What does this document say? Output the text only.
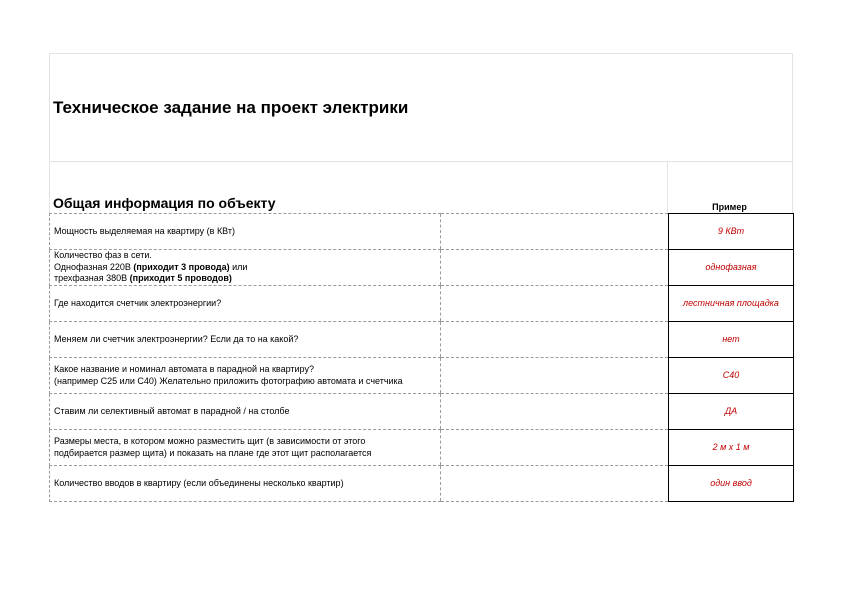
Техническое задание на проект электрики
Общая информация по объекту	Пример
Мощность выделяемая на квартиру (в КВт)		9 КВт
Количество фаз в сети.
Однофазная 220В (приходит 3 провода) или
трехфазная 380В (приходит 5 проводов)		однофазная
Где находится счетчик электроэнергии?		лестничная площадка
Меняем ли счетчик электроэнергии? Если да то на какой?		нет
Какое название и номинал автомата в парадной на квартиру?
(например С25 или С40) Желательно приложить фотографию автомата и счетчика		С40
Ставим ли селективный автомат в парадной / на столбе		ДА
Размеры места, в котором можно разместить щит (в зависимости от этого
подбирается размер щита) и показать на плане где этот щит располагается		2 м х 1 м
Количество вводов в квартиру (если объединены несколько квартир)		один ввод
